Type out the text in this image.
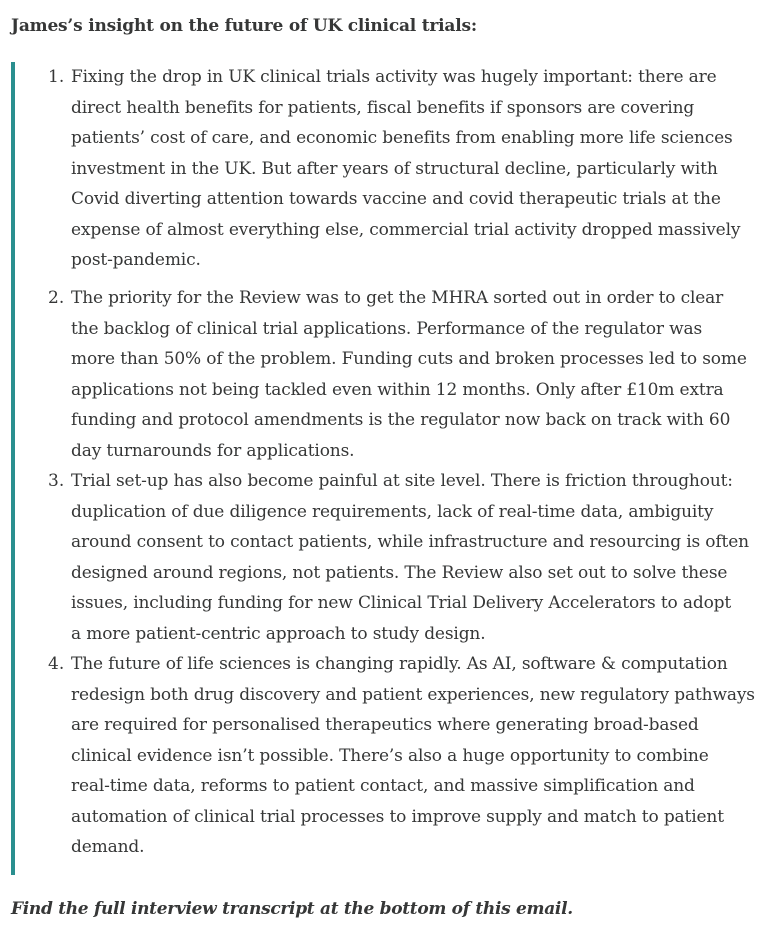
James’s insight on the future of UK clinical trials:
1. Fixing the drop in UK clinical trials activity was hugely important: there are
direct health benefits for patients, fiscal benefits if sponsors are covering
patients’ cost of care, and economic benefits from enabling more life sciences
investment in the UK. But after years of structural decline, particularly with
Covid diverting attention towards vaccine and covid therapeutic trials at the
expense of almost everything else, commercial trial activity dropped massively
post-pandemic.
2. The priority for the Review was to get the MHRA sorted out in order to clear
the backlog of clinical trial applications. Performance of the regulator was
more than 50% of the problem. Funding cuts and broken processes led to some
applications not being tackled even within 12 months. Only after £10m extra
funding and protocol amendments is the regulator now back on track with 60
day turnarounds for applications.
3. Trial set-up has also become painful at site level. There is friction throughout:
duplication of due diligence requirements, lack of real-time data, ambiguity
around consent to contact patients, while infrastructure and resourcing is often
designed around regions, not patients. The Review also set out to solve these
issues, including funding for new Clinical Trial Delivery Accelerators to adopt
a more patient-centric approach to study design.
4. The future of life sciences is changing rapidly. As AI, software & computation
redesign both drug discovery and patient experiences, new regulatory pathways
are required for personalised therapeutics where generating broad-based
clinical evidence isn’t possible. There’s also a huge opportunity to combine
real-time data, reforms to patient contact, and massive simplification and
automation of clinical trial processes to improve supply and match to patient
demand.
Find the full interview transcript at the bottom of this email.
